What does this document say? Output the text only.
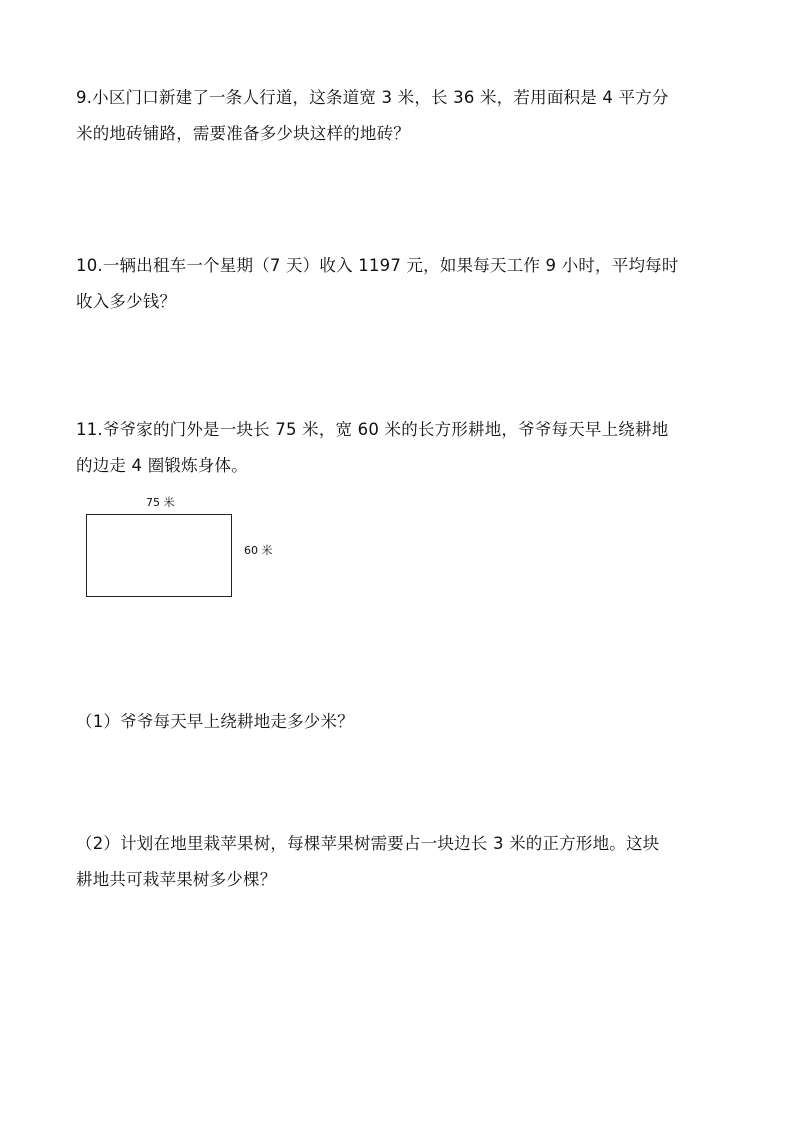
9.小区门口新建了一条人行道，这条道宽 3 米，长 36 米，若用面积是 4 平方分

米的地砖铺路，需要准备多少块这样的地砖？

10.一辆出租车一个星期（7 天）收入 1197 元，如果每天工作 9 小时，平均每时

收入多少钱？

11.爷爷家的门外是一块长 75 米，宽 60 米的长方形耕地，爷爷每天早上绕耕地

的边走 4 圈锻炼身体。

75 米
60 米

（1）爷爷每天早上绕耕地走多少米？

（2）计划在地里栽苹果树，每棵苹果树需要占一块边长 3 米的正方形地。这块

耕地共可栽苹果树多少棵？
